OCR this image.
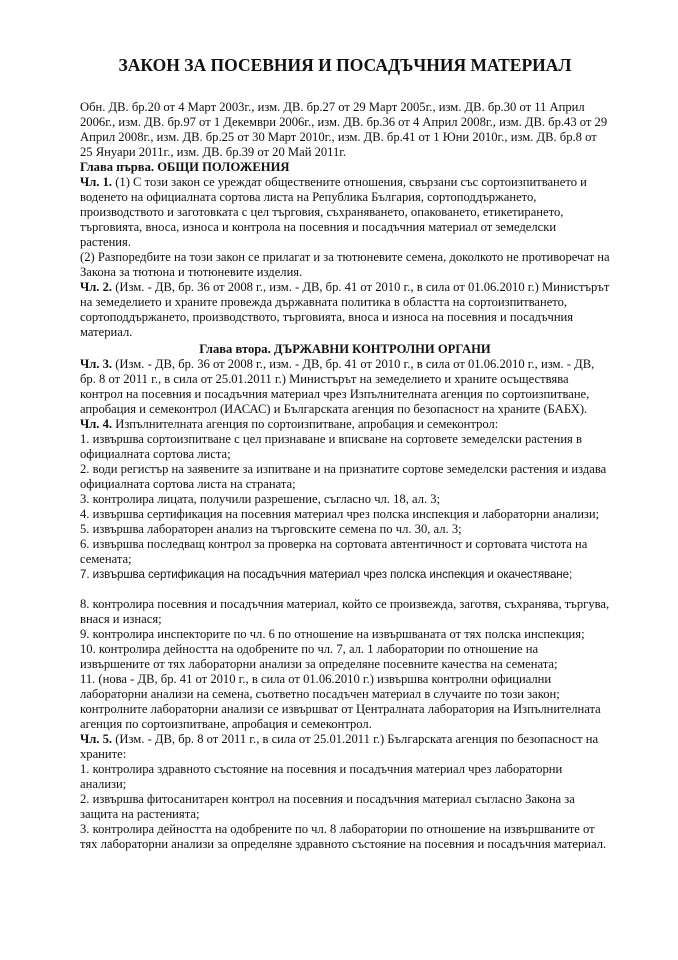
ЗАКОН ЗА ПОСЕВНИЯ И ПОСАДЪЧНИЯ МАТЕРИАЛ

Обн. ДВ. бр.20 от 4 Март 2003г., изм. ДВ. бр.27 от 29 Март 2005г., изм. ДВ. бр.30 от 11 Април 2006г., изм. ДВ. бр.97 от 1 Декември 2006г., изм. ДВ. бр.36 от 4 Април 2008г., изм. ДВ. бр.43 от 29 Април 2008г., изм. ДВ. бр.25 от 30 Март 2010г., изм. ДВ. бр.41 от 1 Юни 2010г., изм. ДВ. бр.8 от 25 Януари 2011г., изм. ДВ. бр.39 от 20 Май 2011г.

Глава първа. ОБЩИ ПОЛОЖЕНИЯ

Чл. 1. (1) С този закон се уреждат обществените отношения, свързани със сортоизпитването и воденето на официалната сортова листа на Република България, сортоподдържането, производството и заготовката с цел търговия, съхраняването, опаковането, етикетирането, търговията, вноса, износа и контрола на посевния и посадъчния материал от земеделски растения.

(2) Разпоредбите на този закон се прилагат и за тютюневите семена, доколкото не противоречат на Закона за тютюна и тютюневите изделия.

Чл. 2. (Изм. - ДВ, бр. 36 от 2008 г., изм. - ДВ, бр. 41 от 2010 г., в сила от 01.06.2010 г.) Министърът на земеделието и храните провежда държавната политика в областта на сортоизпитването, сортоподдържането, производството, търговията, вноса и износа на посевния и посадъчния материал.

Глава втора. ДЪРЖАВНИ КОНТРОЛНИ ОРГАНИ

Чл. 3. (Изм. - ДВ, бр. 36 от 2008 г., изм. - ДВ, бр. 41 от 2010 г., в сила от 01.06.2010 г., изм. - ДВ, бр. 8 от 2011 г., в сила от 25.01.2011 г.) Министърът на земеделието и храните осъществява контрол на посевния и посадъчния материал чрез Изпълнителната агенция по сортоизпитване, апробация и семеконтрол (ИАСАС) и Българската агенция по безопасност на храните (БАБХ).

Чл. 4. Изпълнителната агенция по сортоизпитване, апробация и семеконтрол:

1. извършва сортоизпитване с цел признаване и вписване на сортовете земеделски растения в официалната сортова листа;

2. води регистър на заявените за изпитване и на признатите сортове земеделски растения и издава официалната сортова листа на страната;

3. контролира лицата, получили разрешение, съгласно чл. 18, ал. 3;

4. извършва сертификация на посевния материал чрез полска инспекция и лабораторни анализи;

5. извършва лабораторен анализ на търговските семена по чл. 30, ал. 3;

6. извършва последващ контрол за проверка на сортовата автентичност и сортовата чистота на семената;

7. извършва сертификация на посадъчния материал чрез полска инспекция и окачестяване;

8. контролира посевния и посадъчния материал, който се произвежда, заготвя, съхранява, търгува, внася и изнася;

9. контролира инспекторите по чл. 6 по отношение на извършваната от тях полска инспекция;

10. контролира дейността на одобрените по чл. 7, ал. 1 лаборатории по отношение на извършените от тях лабораторни анализи за определяне посевните качества на семената;

11. (нова - ДВ, бр. 41 от 2010 г., в сила от 01.06.2010 г.) извършва контролни официални лабораторни анализи на семена, съответно посадъчен материал в случаите по този закон; контролните лабораторни анализи се извършват от Централната лаборатория на Изпълнителната агенция по сортоизпитване, апробация и семеконтрол.

Чл. 5. (Изм. - ДВ, бр. 8 от 2011 г., в сила от 25.01.2011 г.) Българската агенция по безопасност на храните:

1. контролира здравното състояние на посевния и посадъчния материал чрез лабораторни анализи;

2. извършва фитосанитарен контрол на посевния и посадъчния материал съгласно Закона за защита на растенията;

3. контролира дейността на одобрените по чл. 8 лаборатории по отношение на извършваните от тях лабораторни анализи за определяне здравното състояние на посевния и посадъчния материал.
